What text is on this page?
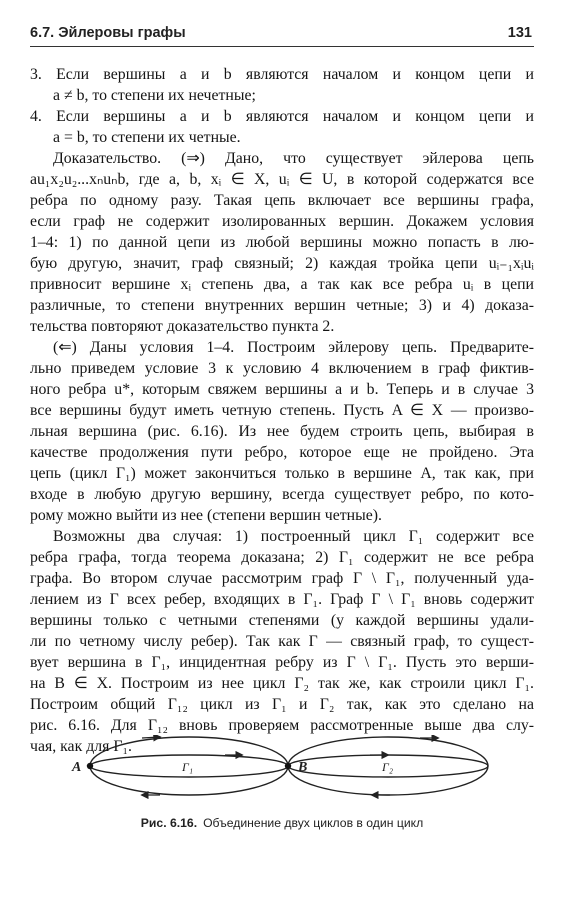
6.7. Эйлеровы графы	131
3. Если вершины a и b являются началом и концом цепи и
a ≠ b, то степени их нечетные;
4. Если вершины a и b являются началом и концом цепи и
a = b, то степени их четные.
Доказательство. (⇒) Дано, что существует эйлерова цепь
au₁x₂u₂...xₙuₙb, где a, b, xᵢ ∈ X, uᵢ ∈ U, в которой содержатся все
ребра по одному разу. Такая цепь включает все вершины графа,
если граф не содержит изолированных вершин. Докажем условия
1–4: 1) по данной цепи из любой вершины можно попасть в лю-
бую другую, значит, граф связный; 2) каждая тройка цепи uᵢ₋₁xᵢuᵢ
привносит вершине xᵢ степень два, а так как все ребра uᵢ в цепи
различные, то степени внутренних вершин четные; 3) и 4) доказа-
тельства повторяют доказательство пункта 2.
(⇐) Даны условия 1–4. Построим эйлерову цепь. Предварите-
льно приведем условие 3 к условию 4 включением в граф фиктив-
ного ребра u*, которым свяжем вершины a и b. Теперь и в случае 3
все вершины будут иметь четную степень. Пусть A ∈ X — произво-
льная вершина (рис. 6.16). Из нее будем строить цепь, выбирая в
качестве продолжения пути ребро, которое еще не пройдено. Эта
цепь (цикл Γ₁) может закончиться только в вершине A, так как, при
входе в любую другую вершину, всегда существует ребро, по кото-
рому можно выйти из нее (степени вершин четные).
Возможны два случая: 1) построенный цикл Γ₁ содержит все
ребра графа, тогда теорема доказана; 2) Γ₁ содержит не все ребра
графа. Во втором случае рассмотрим граф Γ \ Γ₁, полученный уда-
лением из Γ всех ребер, входящих в Γ₁. Граф Γ \ Γ₁ вновь содержит
вершины только с четными степенями (у каждой вершины удали-
ли по четному числу ребер). Так как Γ — связный граф, то сущест-
вует вершина в Γ₁, инцидентная ребру из Γ \ Γ₁. Пусть это верши-
на B ∈ X. Построим из нее цикл Γ₂ так же, как строили цикл Γ₁.
Построим общий Γ₁₂ цикл из Γ₁ и Γ₂ так, как это сделано на
рис. 6.16. Для Γ₁₂ вновь проверяем рассмотренные выше два слу-
чая, как для Γ₁.
A	B
Γ₁	Γ₂
Рис. 6.16. Объединение двух циклов в один цикл
